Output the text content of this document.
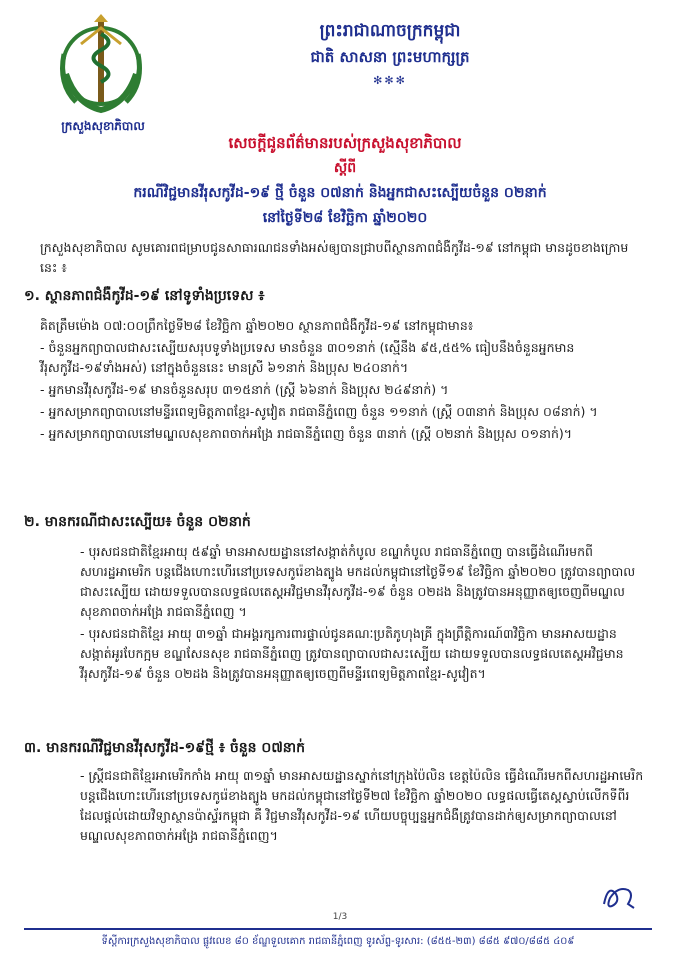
ក្រសួងសុខាភិបាល
ព្រះរាជាណាចក្រកម្ពុជា
ជាតិ សាសនា ព្រះមហាក្សត្រ
✻✻✻
សេចក្តីជូនព័ត៌មានរបស់ក្រសួងសុខាភិបាល
ស្តីពី
ករណីវិជ្ជមានវីរុសកូវីដ-១៩ ថ្មី ចំនួន ០៧នាក់ និងអ្នកជាសះស្បើយចំនួន ០២នាក់
នៅថ្ងៃទី២៨ ខែវិច្ឆិកា ឆ្នាំ២០២០
ក្រសួងសុខាភិបាល សូមគោរពជម្រាបជូនសាធារណជនទាំងអស់ឲ្យបានជ្រាបពីស្ថានភាពជំងឺកូវីដ-១៩ នៅកម្ពុជា មានដូចខាងក្រោមនេះ ៖
១. ស្ថានភាពជំងឺកូវីដ-១៩ នៅទូទាំងប្រទេស ៖

គិតត្រឹមម៉ោង ០៧:០០ព្រឹកថ្ងៃទី២៨ ខែវិច្ឆិកា ឆ្នាំ២០២០ ស្ថានភាពជំងឺកូវីដ-១៩ នៅកម្ពុជាមាន៖

- ចំនួនអ្នកព្យាបាលជាសះស្បើយសរុបទូទាំងប្រទេស មានចំនួន ៣០១នាក់ (ស្មើនឹង ៩៥,៥៥% ធៀបនឹងចំនួនអ្នកមានវីរុសកូវីដ-១៩ទាំងអស់) នៅក្នុងចំនួននេះ មានស្រី ៦១នាក់ និងប្រុស ២៤០នាក់។

- អ្នកមានវីរុសកូវីដ-១៩ មានចំនួនសរុប ៣១៥នាក់ (ស្រ្តី ៦៦នាក់ និងប្រុស ២៤៩នាក់) ។

- អ្នកសម្រាកព្យាបាលនៅមន្ទីរពេទ្យមិត្តភាពខ្មែរ-សូវៀត រាជធានីភ្នំពេញ ចំនួន ១១នាក់ (ស្រ្តី ០៣នាក់ និងប្រុស ០៨នាក់) ។

- អ្នកសម្រាកព្យាបាលនៅមណ្ឌលសុខភាពចាក់អង្រែ រាជធានីភ្នំពេញ ចំនួន ៣នាក់ (ស្រ្តី ០២នាក់ និងប្រុស ០១នាក់)។

២. មានករណីជាសះស្បើយ៖ ចំនួន ០២នាក់

- បុរសជនជាតិខ្មែរអាយុ ៥៩ឆ្នាំ មានអាសយដ្ឋាននៅសង្កាត់កំបូល ខណ្ឌកំបូល រាជធានីភ្នំពេញ បានធ្វើដំណើរមកពីសហរដ្ឋអាមេរិក បន្តជើងហោះហើរនៅប្រទេសកូរ៉េខាងត្បូង មកដល់កម្ពុជានៅថ្ងៃទី១៩ ខែវិច្ឆិកា ឆ្នាំ២០២០ ត្រូវបានព្យាបាលជាសះស្បើយ ដោយទទួលបានលទ្ធផលតេស្តអវិជ្ជមានវីរុសកូវីដ-១៩ ចំនួន ០២ដង និងត្រូវបានអនុញ្ញាតឲ្យចេញពីមណ្ឌលសុខភាពចាក់អង្រែ រាជធានីភ្នំពេញ ។

- បុរសជនជាតិខ្មែរ អាយុ ៣១ឆ្នាំ ជាអង្គរក្សការពារផ្ទាល់ជូនគណៈប្រតិភូហុងគ្រី ក្នុងព្រឹត្តិការណ៍៣វិច្ឆិកា មានអាសយដ្ឋាន សង្កាត់អូរបែកក្អម ខណ្ឌសែនសុខ រាជធានីភ្នំពេញ ត្រូវបានព្យាបាលជាសះស្បើយ ដោយទទួលបានលទ្ធផលតេស្តអវិជ្ជមានវីរុសកូវីដ-១៩ ចំនួន ០២ដង និងត្រូវបានអនុញ្ញាតឲ្យចេញពីមន្ទីរពេទ្យមិត្តភាពខ្មែរ-សូវៀត។

៣. មានករណីវិជ្ជមានវីរុសកូវីដ-១៩ថ្មី ៖ ចំនួន ០៧នាក់

- ស្ត្រីជនជាតិខ្មែរអាមេរិកកាំង អាយុ ៣១ឆ្នាំ មានអាសយដ្ឋានស្នាក់នៅក្រុងប៉ៃលិន ខេត្តប៉ៃលិន ធ្វើដំណើរមកពីសហរដ្ឋអាមេរិក បន្តជើងហោះហើរនៅប្រទេសកូរ៉េខាងត្បូង មកដល់កម្ពុជានៅថ្ងៃទី២៧ ខែវិច្ឆិកា ឆ្នាំ២០២០ លទ្ធផលធ្វើតេស្តស្វាប់លើកទីពីរ ដែលផ្តល់ដោយវិទ្យាស្ថានប៉ាស្ទ័រកម្ពុជា គឺ វិជ្ជមានវីរុសកូវីដ-១៩ ហើយបច្ចុប្បន្នអ្នកជំងឺត្រូវបានដាក់ឲ្យសម្រាកព្យាបាលនៅមណ្ឌលសុខភាពចាក់អង្រែ រាជធានីភ្នំពេញ។

1/3
ទីស្តីការក្រសួងសុខាភិបាល ផ្លូវលេខ ៨០ ខ័ណ្ឌទួលគោក រាជធានីភ្នំពេញ ទូរស័ព្ទ-ទូរសារ: (៨៥៥-២៣) ៨៨៥ ៩៧០/៨៨៥ ៤០៩
